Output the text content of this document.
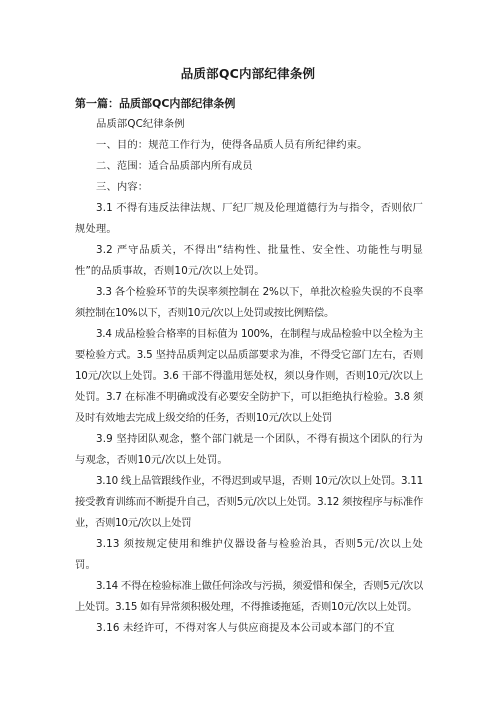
品质部QC内部纪律条例
第一篇：品质部QC内部纪律条例

品质部QC纪律条例

一、目的：规范工作行为，使得各品质人员有所纪律约束。

二、范围：适合品质部内所有成员

三、内容：

3.1 不得有违反法律法规、厂纪厂规及伦理道德行为与指令，否则依厂规处理。

3.2 严守品质关，不得出“结构性、批量性、安全性、功能性与明显性”的品质事故，否则10元/次以上处罚。

3.3 各个检验环节的失误率须控制在 2%以下，单批次检验失误的不良率须控制在10%以下，否则10元/次以上处罚或按比例赔偿。

3.4 成品检验合格率的目标值为 100%，在制程与成品检验中以全检为主要检验方式。3.5 坚持品质判定以品质部要求为准，不得受它部门左右，否则10元/次以上处罚。3.6 干部不得滥用惩处权，须以身作则，否则10元/次以上处罚。3.7 在标准不明确或没有必要安全防护下，可以拒绝执行检验。3.8 须及时有效地去完成上级交给的任务，否则10元/次以上处罚

3.9 坚持团队观念，整个部门就是一个团队，不得有损这个团队的行为与观念，否则10元/次以上处罚。

3.10 线上品管跟线作业，不得迟到或早退，否则 10元/次以上处罚。3.11 接受教育训练而不断提升自己，否则5元/次以上处罚。3.12 须按程序与标准作业，否则10元/次以上处罚

3.13 须按规定使用和维护仪器设备与检验治具，否则5元/次以上处罚。

3.14 不得在检验标准上做任何涂改与污损，须爱惜和保全，否则5元/次以上处罚。3.15 如有异常须积极处理，不得推诿拖延，否则10元/次以上处罚。

3.16 未经许可，不得对客人与供应商提及本公司或本部门的不宜
